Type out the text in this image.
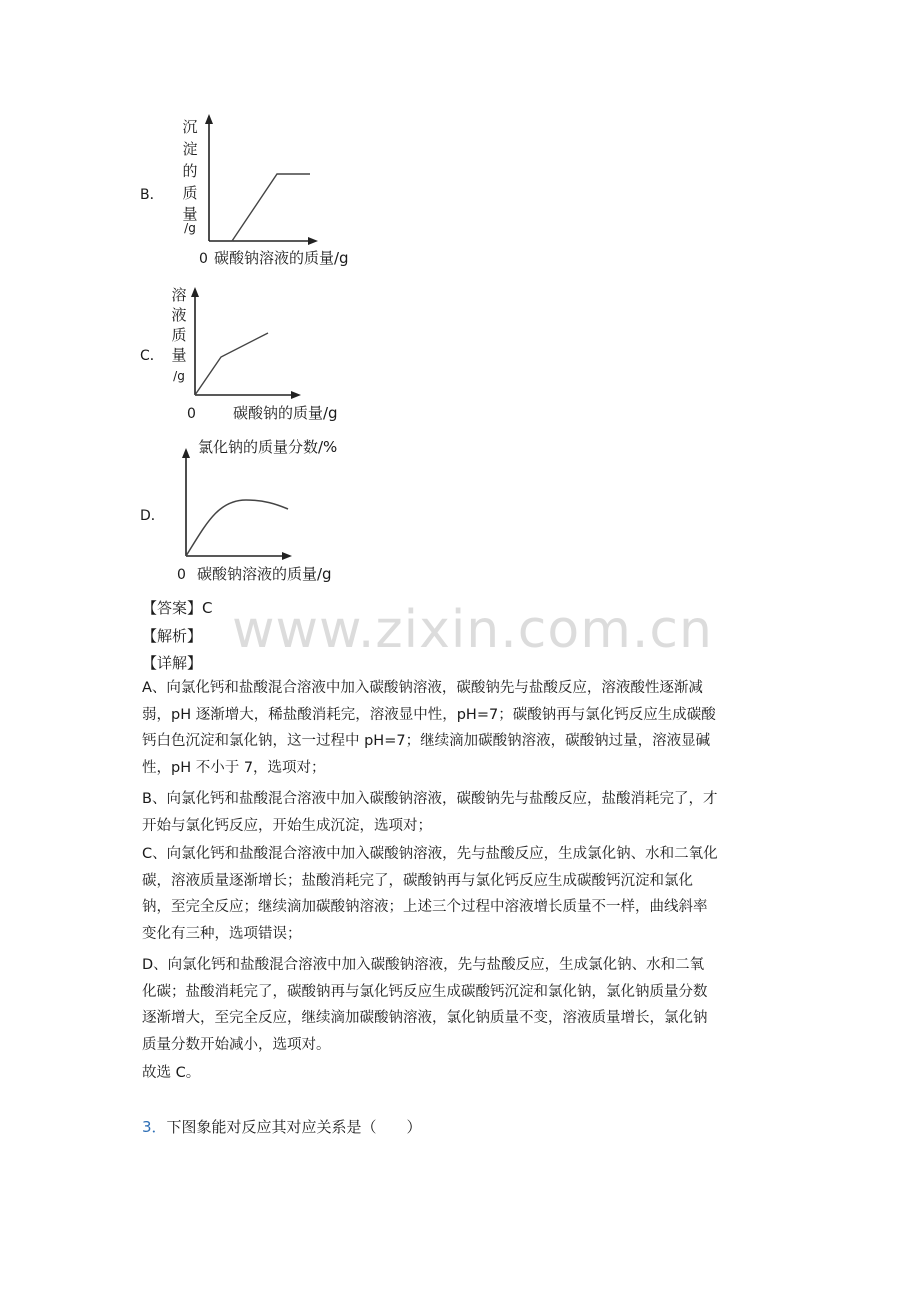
B．
沉
淀
的
质
量
/g
0 碳酸钠溶液的质量/g
C．
溶
液
质
量
/g
0 碳酸钠的质量/g
D．
氯化钠的质量分数/%
0 碳酸钠溶液的质量/g
【答案】C
【解析】
【详解】
www.zixin.com.cn
A、向氯化钙和盐酸混合溶液中加入碳酸钠溶液，碳酸钠先与盐酸反应，溶液酸性逐渐减
弱，pH 逐渐增大，稀盐酸消耗完，溶液显中性，pH=7；碳酸钠再与氯化钙反应生成碳酸
钙白色沉淀和氯化钠，这一过程中 pH=7；继续滴加碳酸钠溶液，碳酸钠过量，溶液显碱
性，pH 不小于 7，选项对；
B、向氯化钙和盐酸混合溶液中加入碳酸钠溶液，碳酸钠先与盐酸反应，盐酸消耗完了，才
开始与氯化钙反应，开始生成沉淀，选项对；
C、向氯化钙和盐酸混合溶液中加入碳酸钠溶液，先与盐酸反应，生成氯化钠、水和二氧化
碳，溶液质量逐渐增长；盐酸消耗完了，碳酸钠再与氯化钙反应生成碳酸钙沉淀和氯化
钠，至完全反应；继续滴加碳酸钠溶液；上述三个过程中溶液增长质量不一样，曲线斜率
变化有三种，选项错误；
D、向氯化钙和盐酸混合溶液中加入碳酸钠溶液，先与盐酸反应，生成氯化钠、水和二氧
化碳；盐酸消耗完了，碳酸钠再与氯化钙反应生成碳酸钙沉淀和氯化钠，氯化钠质量分数
逐渐增大，至完全反应，继续滴加碳酸钠溶液，氯化钠质量不变，溶液质量增长，氯化钠
质量分数开始减小，选项对。
故选 C。
3．下图象能对反应其对应关系是（　　）
